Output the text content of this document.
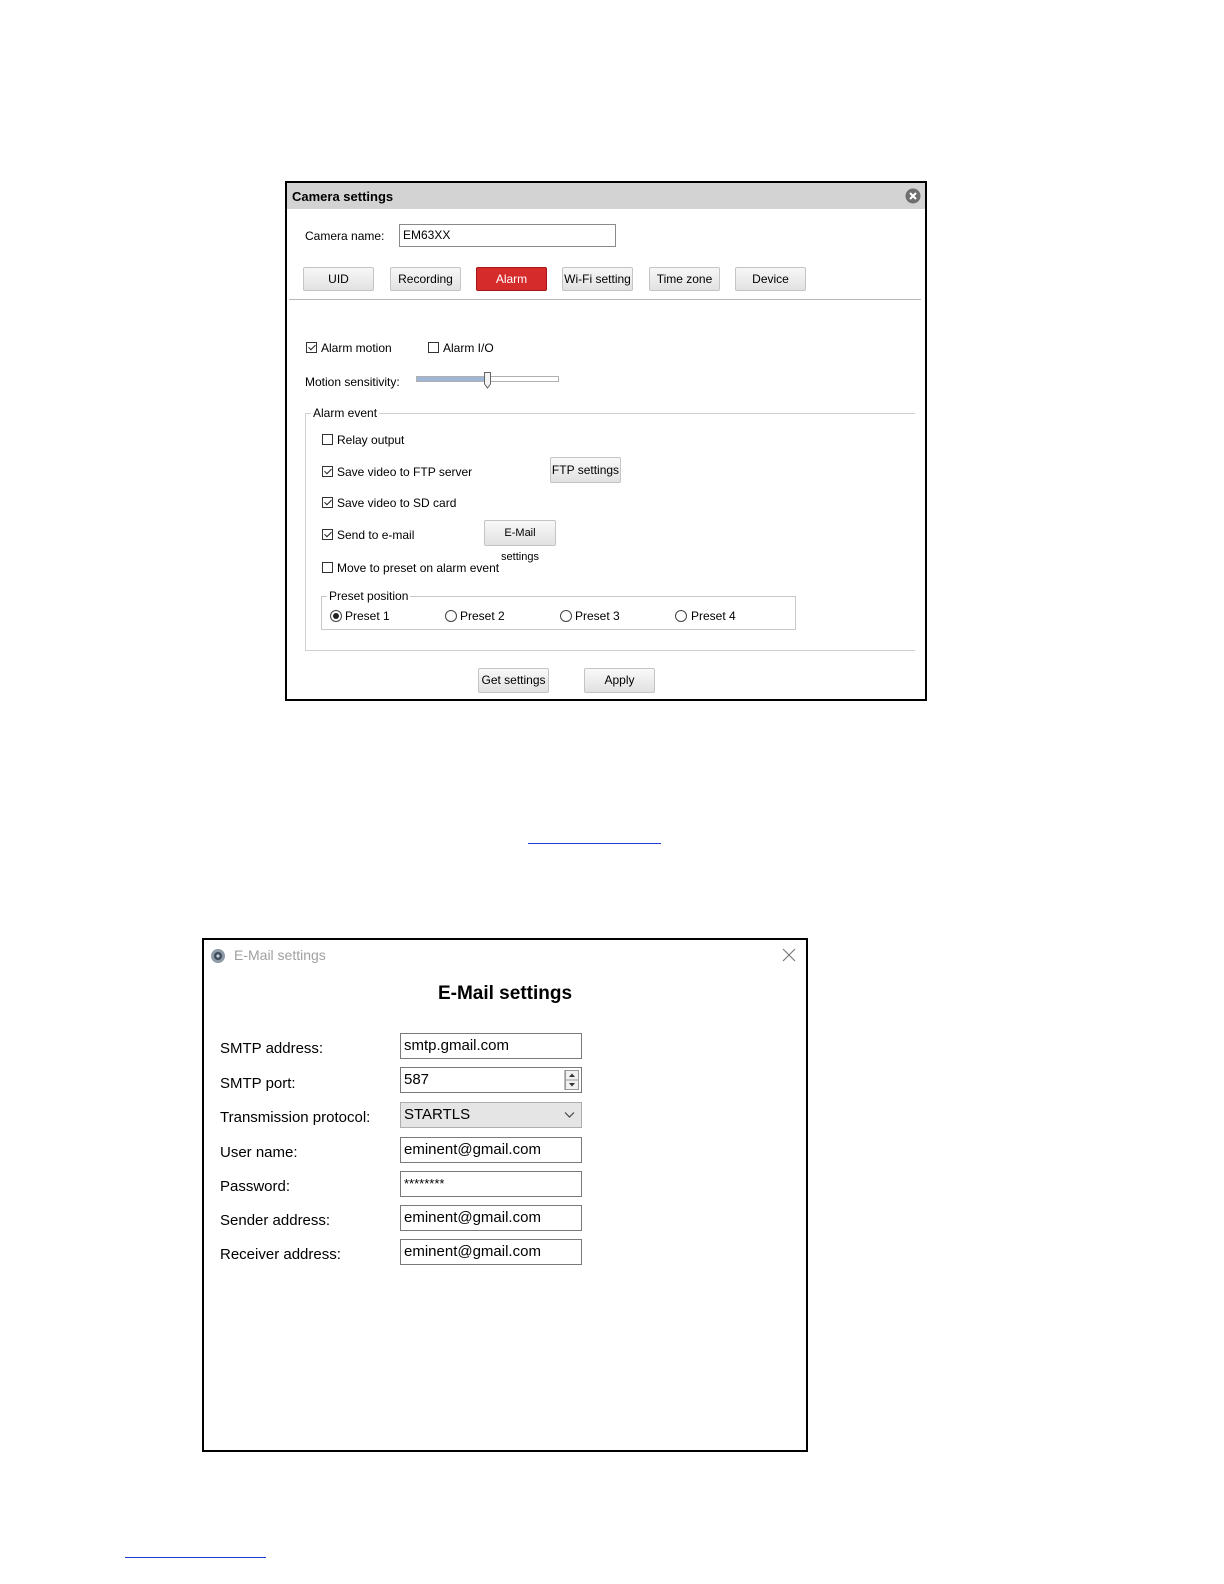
Camera settings
Camera name:	EM63XX
UID	Recording	Alarm	Wi-Fi setting	Time zone	Device
Alarm motion	Alarm I/O
Motion sensitivity:
Alarm event
Relay output
Save video to FTP server	FTP settings
Save video to SD card
Send to e-mail	E-Mail settings
Move to preset on alarm event
Preset position
Preset 1	Preset 2	Preset 3	Preset 4
Get settings	Apply
E-Mail settings
E-Mail settings
SMTP address:	smtp.gmail.com
SMTP port:	587
Transmission protocol: STARTLS
User name:	eminent@gmail.com
Password:	********
Sender address:	eminent@gmail.com
Receiver address:	eminent@gmail.com
